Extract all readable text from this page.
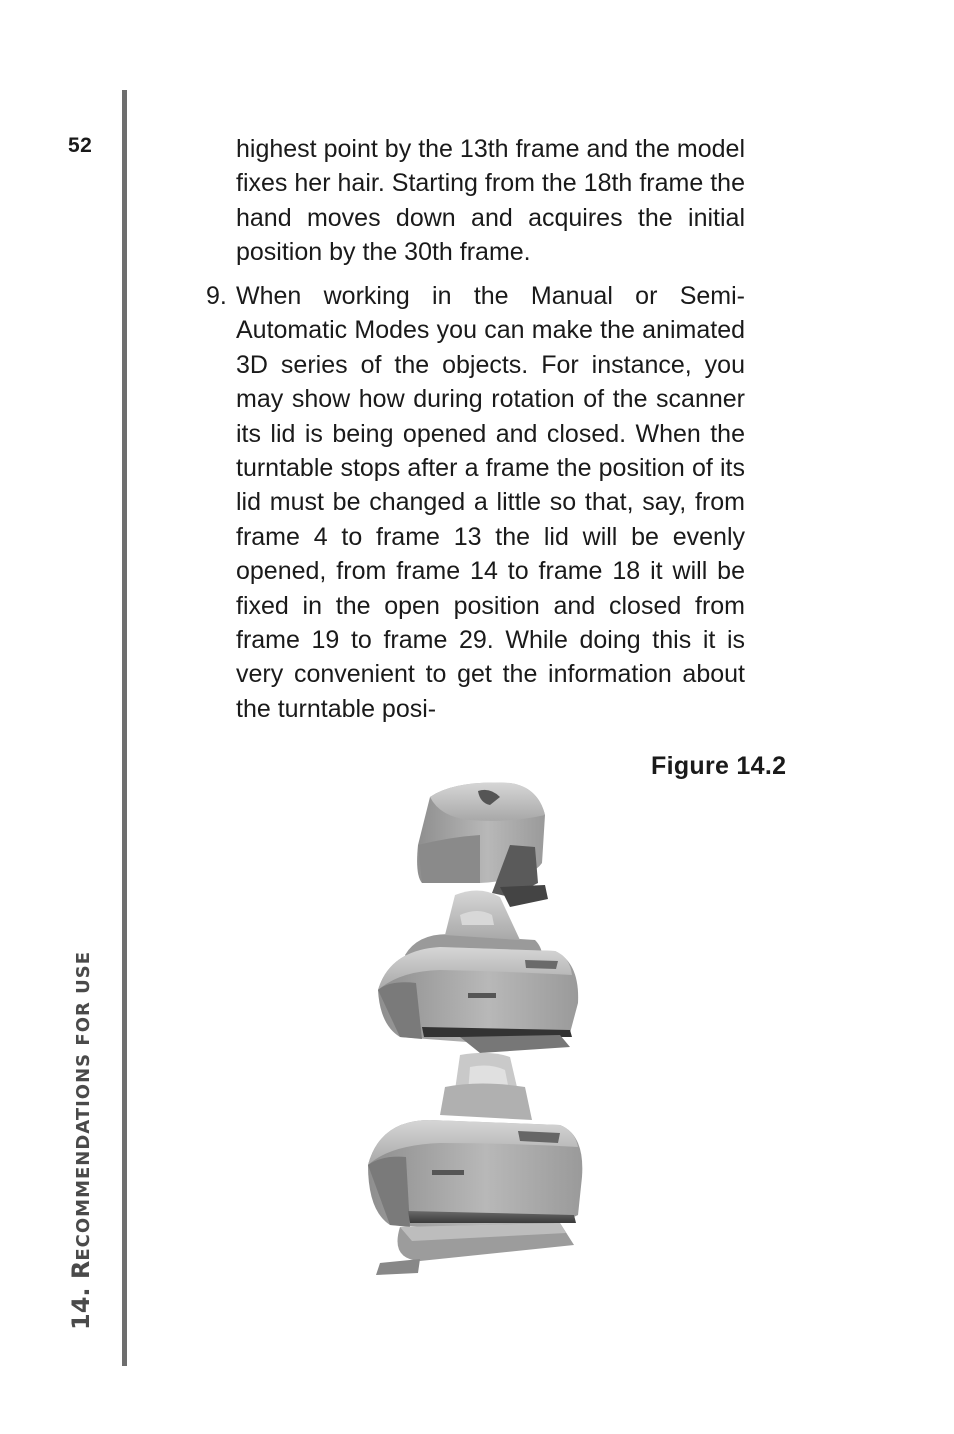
52
14. RECOMMENDATIONS FOR USE

highest point by the 13th frame and the model fixes her hair. Starting from the 18th frame the hand moves down and acquires the initial position by the 30th frame.

9. When working in the Manual or Semi-Automatic Modes you can make the animated 3D series of the objects. For instance, you may show how during rotation of the scanner its lid is being opened and closed. When the turntable stops after a frame the position of its lid must be changed a little so that, say, from frame 4 to frame 13 the lid will be evenly opened, from frame 14 to frame 18 it will be fixed in the open position and closed from frame 19 to frame 29. While doing this it is very convenient to get the information about the turntable posi-
Figure 14.2
